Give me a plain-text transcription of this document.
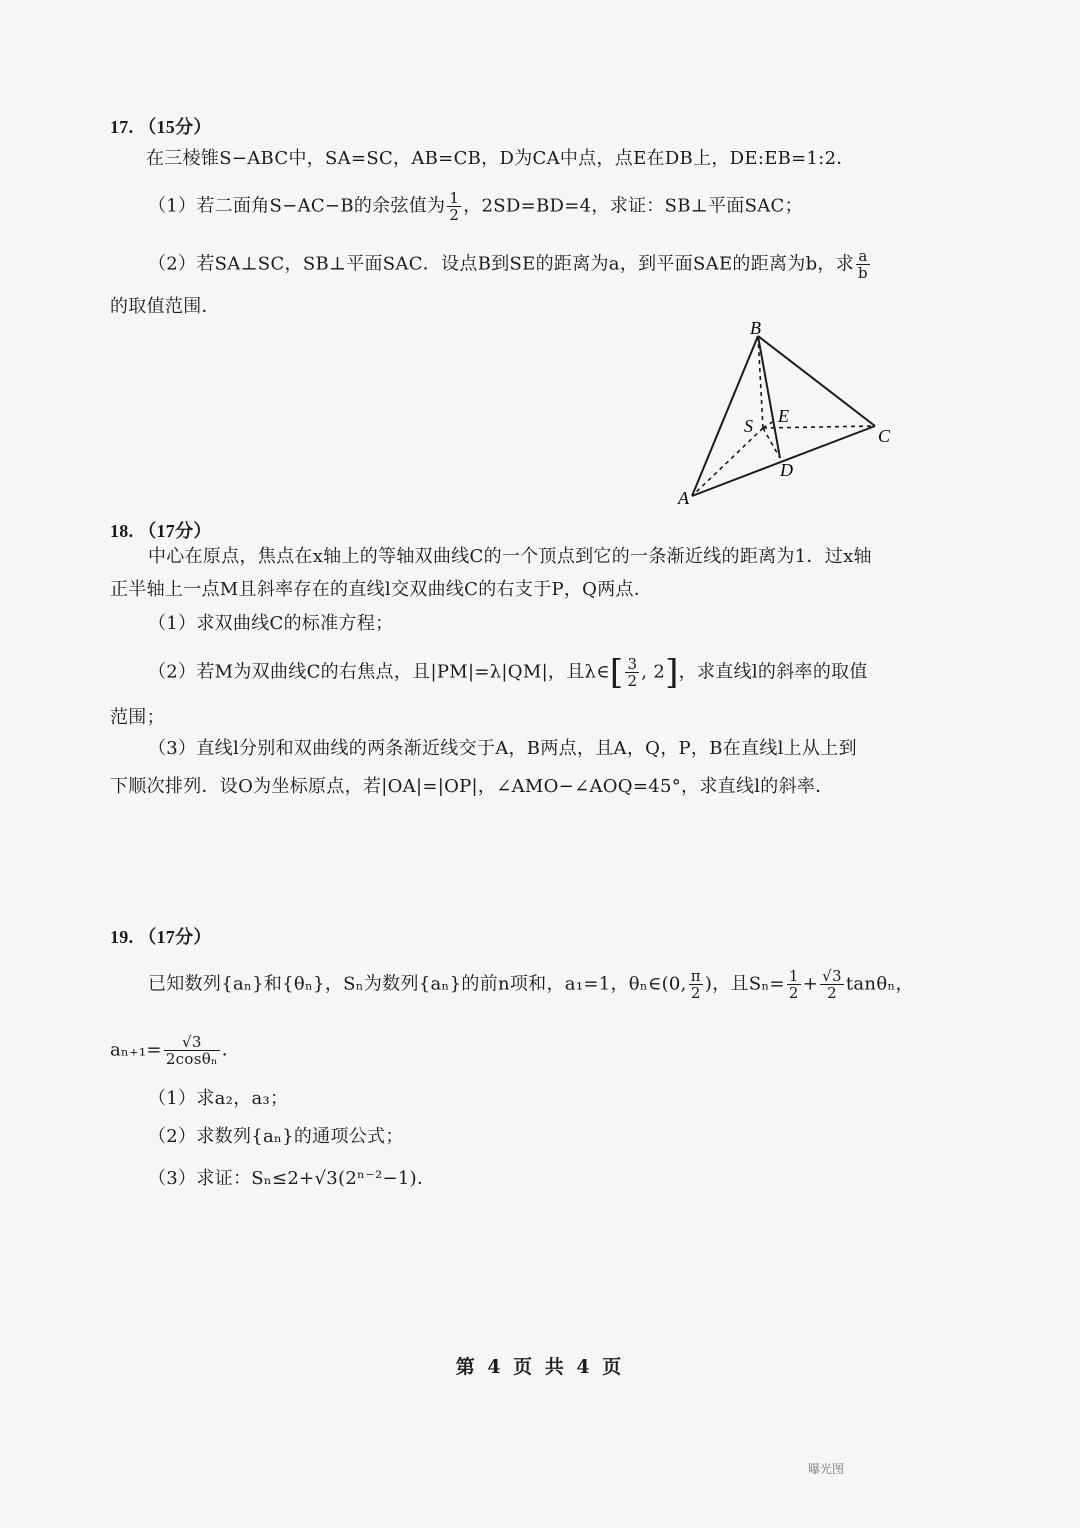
17. （15分）
在三棱锥S−ABC中，SA=SC，AB=CB，D为CA中点，点E在DB上，DE:EB=1:2．
（1）若二面角S−AC−B的余弦值为 $\frac{1}{2}$ ，2SD=BD=4，求证：SB⊥平面SAC；
（2）若SA⊥SC，SB⊥平面SAC．设点B到SE的距离为a，到平面SAE的距离为b，求 $\frac{a}{b}$
的取值范围．
B
E
S	C
D
A
18. （17分）
中心在原点，焦点在x轴上的等轴双曲线C的一个顶点到它的一条渐近线的距离为1．过x轴
正半轴上一点M且斜率存在的直线l交双曲线C的右支于P，Q两点．
（1）求双曲线C的标准方程；
（2）若M为双曲线C的右焦点，且|PM|=λ|QM|，且λ∈[ $\frac{3}{2}$ , 2]，求直线l的斜率的取值
范围；
（3）直线l分别和双曲线的两条渐近线交于A，B两点，且A，Q，P，B在直线l上从上到
下顺次排列．设O为坐标原点，若|OA|=|OP|，∠AMO−∠AOQ=45°，求直线l的斜率．
19. （17分）
已知数列{aₙ}和{θₙ}，Sₙ为数列{aₙ}的前n项和，a₁=1，θₙ∈(0, $\frac{\pi}{2}$ )，且$S_n= \frac{1}{2} + \frac{√3}{2}$ tanθₙ，
$a_{n+1}= \frac{√3}{\text{2cosθₙ}}$ ．
（1）求a₂，a₃；
（2）求数列{aₙ}的通项公式；
（3）求证：Sₙ≤2+√3(2ⁿ⁻²−1)．
第 4 页 共 4 页
曝光图
